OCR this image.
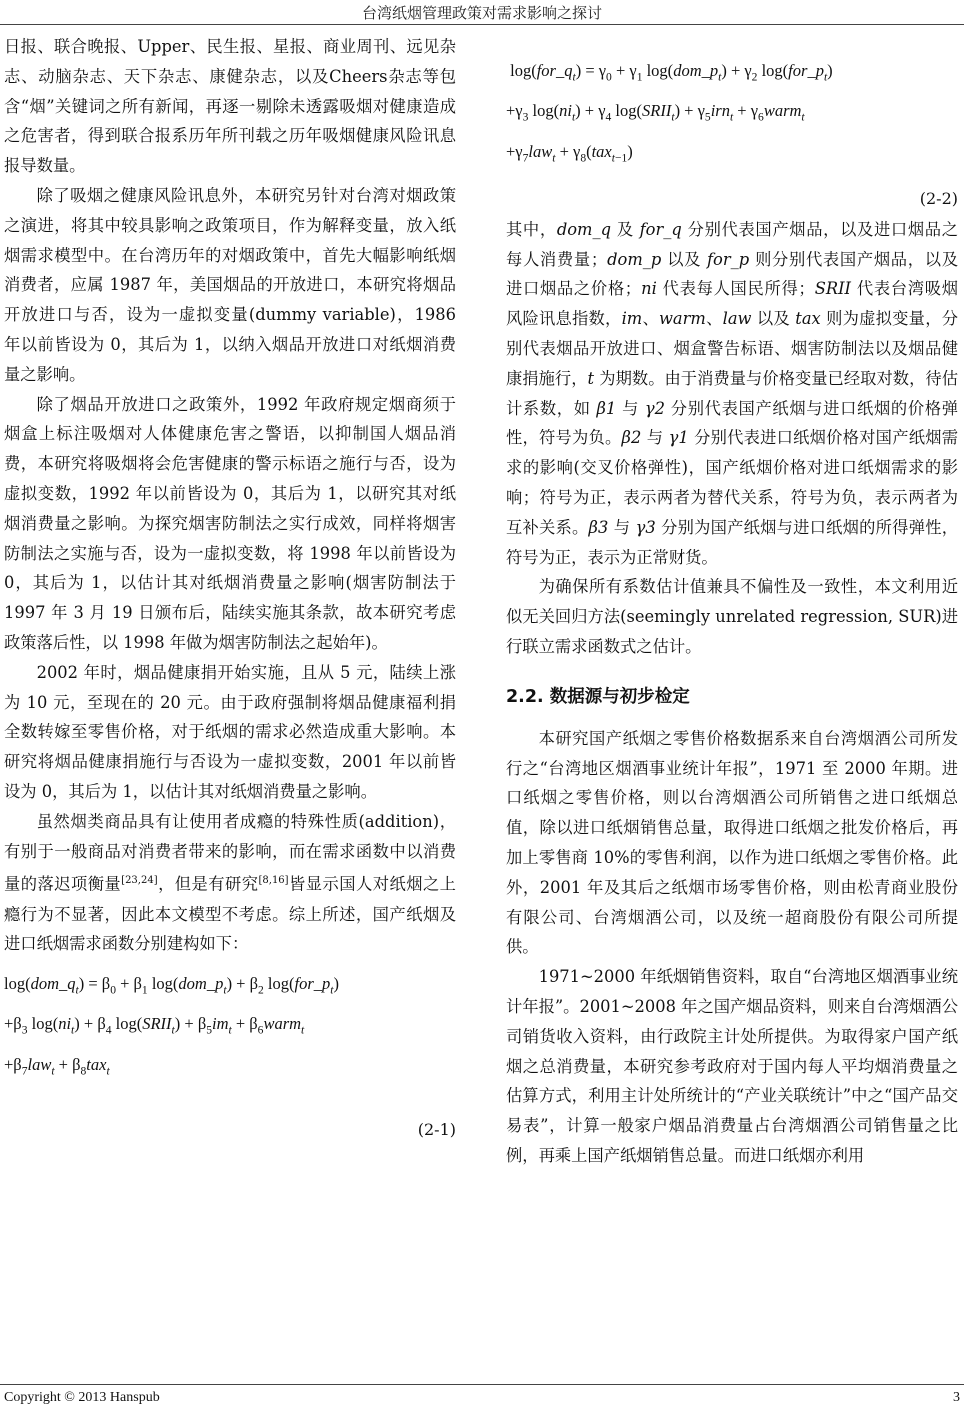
台湾纸烟管理政策对需求影响之探讨

日报、联合晚报、Upper、民生报、星报、商业周刊、远见杂志、动脑杂志、天下杂志、康健杂志，以及Cheers杂志等包含“烟”关键词之所有新闻，再逐一剔除未透露吸烟对健康造成之危害者，得到联合报系历年所刊载之历年吸烟健康风险讯息报导数量。

除了吸烟之健康风险讯息外，本研究另针对台湾对烟政策之演进，将其中较具影响之政策项目，作为解释变量，放入纸烟需求模型中。在台湾历年的对烟政策中，首先大幅影响纸烟消费者，应属 1987 年，美国烟品的开放进口，本研究将烟品开放进口与否，设为一虚拟变量(dummy variable)，1986 年以前皆设为 0，其后为 1，以纳入烟品开放进口对纸烟消费量之影响。

除了烟品开放进口之政策外，1992 年政府规定烟商须于烟盒上标注吸烟对人体健康危害之警语，以抑制国人烟品消费，本研究将吸烟将会危害健康的警示标语之施行与否，设为虚拟变数，1992 年以前皆设为 0，其后为 1，以研究其对纸烟消费量之影响。为探究烟害防制法之实行成效，同样将烟害防制法之实施与否，设为一虚拟变数，将 1998 年以前皆设为 0，其后为 1，以估计其对纸烟消费量之影响(烟害防制法于 1997 年 3 月 19 日颁布后，陆续实施其条款，故本研究考虑政策落后性，以 1998 年做为烟害防制法之起始年)。

2002 年时，烟品健康捐开始实施，且从 5 元，陆续上涨为 10 元，至现在的 20 元。由于政府强制将烟品健康福利捐全数转嫁至零售价格，对于纸烟的需求必然造成重大影响。本研究将烟品健康捐施行与否设为一虚拟变数，2001 年以前皆设为 0，其后为 1，以估计其对纸烟消费量之影响。

虽然烟类商品具有让使用者成瘾的特殊性质(addition)，有别于一般商品对消费者带来的影响，而在需求函数中以消费量的落迟项衡量[23,24]，但是有研究[8,16]皆显示国人对纸烟之上瘾行为不显著，因此本文模型不考虑。综上所述，国产纸烟及进口纸烟需求函数分别建构如下：

$\log(dom\_q_t) = \beta_0 + \beta_1$ $\log(dom\_p_t) + \beta_2$ $\log(for\_p_t)$
$+\beta_3$ $\log(ni_t) + \beta_4$ $\log(SRII_t) + \beta_5im_t$ + $\beta_6warm_t$
$+\beta_7law_t + \beta_8tax_t$
(2-1)
$\log(for\_q_t) = \gamma_0 + \gamma_1$ $\log(dom\_p_t) + \gamma_2$ $\log(for\_p_t)$
$+\gamma_3$ $\log(ni_t) + \gamma_4$ $\log(SRII_t) + \gamma_5irn_t$ + $\gamma_6warm_t$
$+\gamma_7law_t + \gamma_8(tax_{t-1})$
(2-2)

其中，dom_q 及 for_q 分别代表国产烟品，以及进口烟品之每人消费量；dom_p 以及 for_p 则分别代表国产烟品，以及进口烟品之价格；ni 代表每人国民所得；SRII 代表台湾吸烟风险讯息指数，im、warm、law 以及 tax 则为虚拟变量，分别代表烟品开放进口、烟盒警告标语、烟害防制法以及烟品健康捐施行，t 为期数。由于消费量与价格变量已经取对数，待估计系数，如 β1 与 γ2 分别代表国产纸烟与进口纸烟的价格弹性，符号为负。β2 与 γ1 分别代表进口纸烟价格对国产纸烟需求的影响(交叉价格弹性)，国产纸烟价格对进口纸烟需求的影响；符号为正，表示两者为替代关系，符号为负，表示两者为互补关系。β3 与 γ3 分别为国产纸烟与进口纸烟的所得弹性，符号为正，表示为正常财货。

为确保所有系数估计值兼具不偏性及一致性，本文利用近似无关回归方法(seemingly unrelated regression, SUR)进行联立需求函数式之估计。

2.2. 数据源与初步检定

本研究国产纸烟之零售价格数据系来自台湾烟酒公司所发行之“台湾地区烟酒事业统计年报”，1971 至 2000 年期。进口纸烟之零售价格，则以台湾烟酒公司所销售之进口纸烟总值，除以进口纸烟销售总量，取得进口纸烟之批发价格后，再加上零售商 10%的零售利润，以作为进口纸烟之零售价格。此外，2001 年及其后之纸烟市场零售价格，则由松青商业股份有限公司、台湾烟酒公司，以及统一超商股份有限公司所提供。

1971~2000 年纸烟销售资料，取自“台湾地区烟酒事业统计年报”。2001~2008 年之国产烟品资料，则来自台湾烟酒公司销货收入资料，由行政院主计处所提供。为取得家户国产纸烟之总消费量，本研究参考政府对于国内每人平均烟消费量之估算方式，利用主计处所统计的“产业关联统计”中之“国产品交易表”，计算一般家户烟品消费量占台湾烟酒公司销售量之比例，再乘上国产纸烟销售总量。而进口纸烟亦利用

Copyright © 2013 Hanspub	3
